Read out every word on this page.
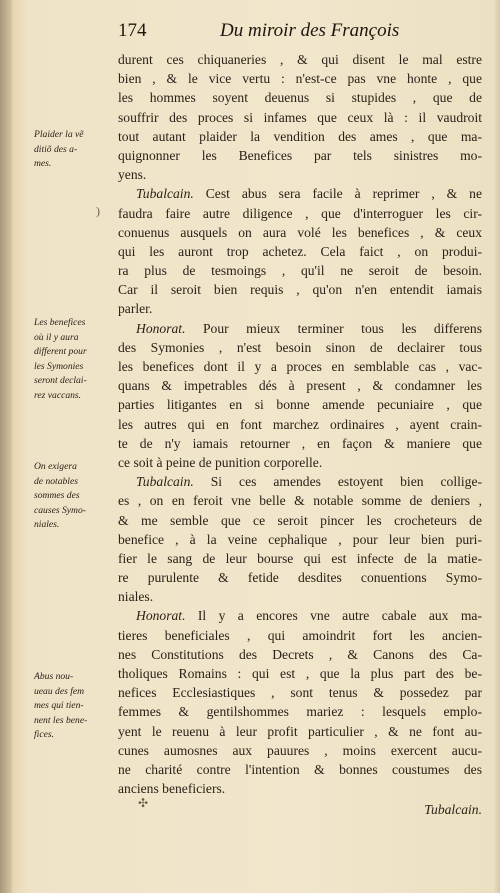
174	Du miroir des François
Plaider la vẽ
ditiõ des a-
mes.
Les benefices
où il y aura
different pour
les Symonies
seront declai-
rez vaccans.
On exigera
de notables
sommes des
causes Symo-
niales.
Abus nou-
ueau des fem
mes qui tien-
nent les bene-
fices.
)
✣
durent ces chiquaneries , & qui disent le mal estre
bien , & le vice vertu : n'est-ce pas vne honte , que
les hommes soyent deuenus si stupides , que de
souffrir des proces si infames que ceux là : il vaudroit
tout autant plaider la vendition des ames , que ma-
quignonner les Benefices par tels sinistres mo-
yens.
Tubalcain. Cest abus sera facile à reprimer , & ne
faudra faire autre diligence , que d'interroguer les cir-
conuenus ausquels on aura volé les benefices , & ceux
qui les auront trop achetez. Cela faict , on produi-
ra plus de tesmoings , qu'il ne seroit de besoin.
Car il seroit bien requis , qu'on n'en entendit iamais
parler.
Honorat. Pour mieux terminer tous les differens
des Symonies , n'est besoin sinon de declairer tous
les benefices dont il y a proces en semblable cas , vac-
quans & impetrables dés à present , & condamner les
parties litigantes en si bonne amende pecuniaire , que
les autres qui en font marchez ordinaires , ayent crain-
te de n'y iamais retourner , en façon & maniere que
ce soit à peine de punition corporelle.
Tubalcain. Si ces amendes estoyent bien collige-
es , on en feroit vne belle & notable somme de deniers ,
& me semble que ce seroit pincer les crocheteurs de
benefice , à la veine cephalique , pour leur bien puri-
fier le sang de leur bourse qui est infecte de la matie-
re purulente & fetide desdites conuentions Symo-
niales.
Honorat. Il y a encores vne autre cabale aux ma-
tieres beneficiales , qui amoindrit fort les ancien-
nes Constitutions des Decrets , & Canons des Ca-
tholiques Romains : qui est , que la plus part des be-
nefices Ecclesiastiques , sont tenus & possedez par
femmes & gentilshommes mariez : lesquels emplo-
yent le reuenu à leur profit particulier , & ne font au-
cunes aumosnes aux pauures , moins exercent aucu-
ne charité contre l'intention & bonnes coustumes des
anciens beneficiers.
Tubalcain.
